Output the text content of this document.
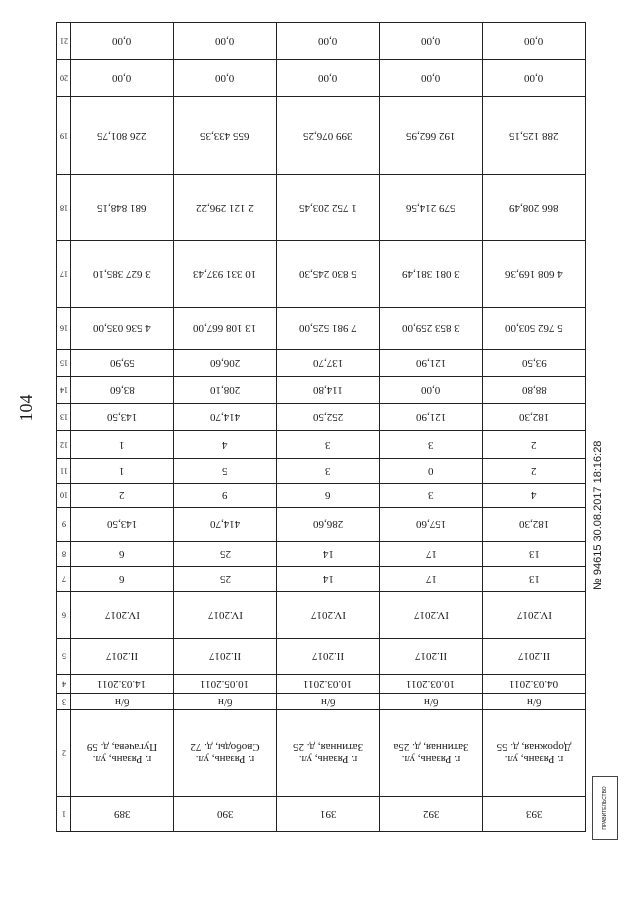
104
21	0,00	0,00	0,00	0,00	0,00

20	0,00	0,00	0,00	0,00	0,00

19	226 801,75	655 433,35	399 076,25	192 662,95	288 125,15

18	681 848,15	2 121 296,22	1 752 203,45	579 214,56	866 208,49

17	3 627 385,10	10 331 937,43	5 830 245,30	3 081 381,49	4 608 169,36

16	4 536 035,00	13 108 667,00	7 981 525,00	3 853 259,00	5 762 503,00

15	59,90	206,60	137,70	121,90	93,50

14	83,60	208,10	114,80	0,00	88,80

13	143,50	414,70	252,50	121,90	182,30

12	1	4	3	3	2

11	1	5	3	0	2

10	2	9	6	3	4

9	143,50	414,70	286,60	157,60	182,30

8	6	25	14	17	13

7	6	25	14	17	13

6	IV.2017	IV.2017	IV.2017	IV.2017	IV.2017

5	II.2017	II.2017	II.2017	II.2017	II.2017

4	14.03.2011	10.05.2011	10.03.2011	10.03.2011	04.03.2011

3	б/н	б/н	б/н	б/н	б/н

2	г. Рязань, ул. Пугачева, д. 59	г. Рязань, ул. Свободы, д. 72	г. Рязань, ул. Затинная, д. 25	г. Рязань, ул. Затинная, д. 25а	г. Рязань, ул. Дорожная, д. 55

1	389	390	391	392	393
№ 94615 30.08.2017 18:16:28
ПРАВИТЕЛЬСТВО
